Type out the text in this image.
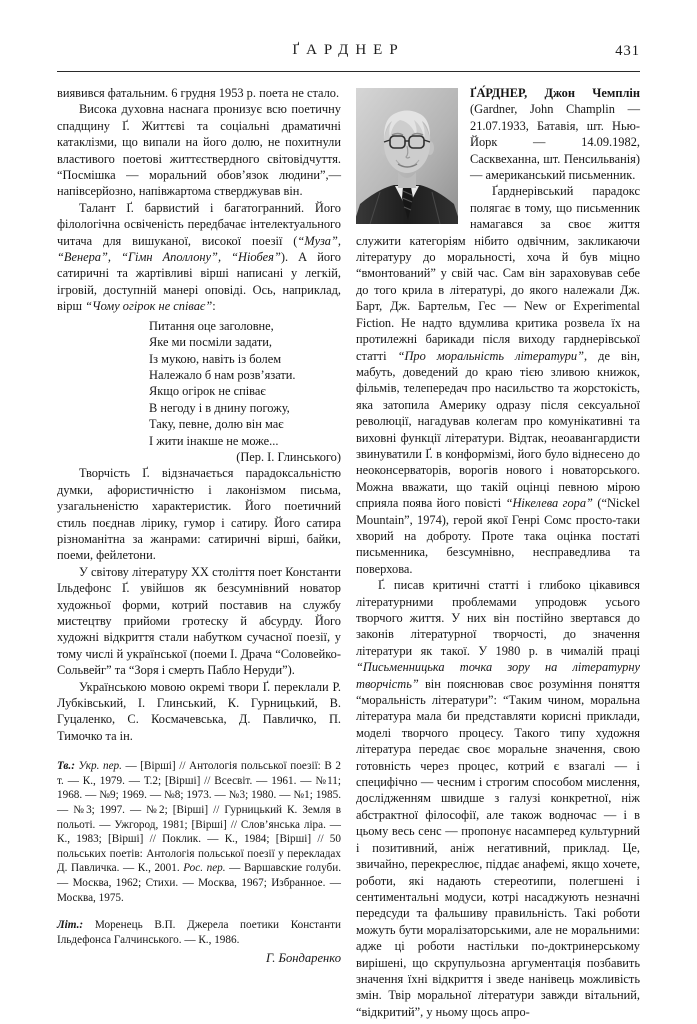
ҐАРДНЕР	431

виявився фатальним. 6 грудня 1953 р. поета не стало.

Висока духовна наснага пронизує всю поетичну спадщину Ґ. Життєві та соціальні драматичні катаклізми, що випали на його долю, не похитнули властивого поетові життєствердного світовідчуття. “Посмішка — моральний обов’язок людини”,— напівсерйозно, напівжартома стверджував він.

Талант Ґ. барвистий і багатогранний. Його філологічна освіченість передбачає інтелектуального читача для вишуканої, високої поезії (“Муза”, “Венера”, “Гімн Аполлону”, “Ніобея”). А його сатиричні та жартівливі вірші написані у легкій, ігровій, доступній манері оповіді. Ось, наприклад, вірш “Чому огірок не співає”:

Питання оце заголовне,
Яке ми посміли задати,
Із мукою, навіть із болем
Належало б нам розв’язати.
Якщо огірок не співає
В негоду і в днину погожу,
Таку, певне, долю він має
І жити інакше не може...

(Пер. І. Глинського)

Творчість Ґ. відзначається парадоксальністю думки, афористичністю і лаконізмом письма, узагальненістю характеристик. Його поетичний стиль поєднав лірику, гумор і сатиру. Його сатира різноманітна за жанрами: сатиричні вірші, байки, поеми, фейлетони.

У світову літературу ХХ століття поет Константи Ільдефонс Ґ. увійшов як безсумнівний новатор художньої форми, котрий поставив на службу мистецтву прийоми гротеску й абсурду. Його художні відкриття стали набутком сучасної поезії, у тому числі й української (поеми І. Драча “Соловейко-Сольвейг” та “Зоря і смерть Пабло Неруди”).

Українською мовою окремі твори Ґ. переклали Р. Лубківський, І. Глинський, К. Гурницький, В. Гуцаленко, С. Космачевська, Д. Павличко, П. Тимочко та ін.

Тв.: Укр. пер. — [Вірші] // Антологія польської поезії: В 2 т. — К., 1979. — Т.2; [Вірші] // Всесвіт. — 1961. — №11; 1968. — №9; 1969. — №8; 1973. — №3; 1980. — №1; 1985. — №3; 1997. — №2; [Вірші] // Гурницький К. Земля в польоті. — Ужгород, 1981; [Вірші] // Слов’янська ліра. — К., 1983; [Вірші] // Поклик. — К., 1984; [Вірші] // 50 польських поетів: Антологія польської поезії у перекладах Д. Павличка. — К., 2001. Рос. пер. — Варшавские голуби. — Москва, 1962; Стихи. — Москва, 1967; Избранное. — Москва, 1975.
Літ.: Моренець В.П. Джерела поетики Константи Ільдефонса Галчинського. — К., 1986.
Г. Бондаренко

ҐА́РДНЕР, Джон Чемплін (Gardner, John Champlin — 21.07.1933, Батавія, шт. Нью-Йорк — 14.09.1982, Сасквеханна, шт. Пенсильванія) — американський письменник.

Ґарднерівський парадокс полягає в тому, що письменник намагався за своє життя служити категоріям нібито одвічним, закликаючи літературу до моральності, хоча й був міцно “вмонтований” у свій час. Сам він зараховував себе до того крила в літературі, до якого належали Дж. Барт, Дж. Бартельм, Гес — New or Experimental Fiction. Не надто вдумлива критика розвела їх на протилежні барикади після виходу гарднерівської статті “Про моральність літератури”, де він, мабуть, доведений до краю тією зливою книжок, фільмів, телепередач про насильство та жорстокість, яка затопила Америку одразу після сексуальної революції, нагадував колегам про комунікативні та виховні функції літератури. Відтак, неоавангардисти звинуватили Ґ. в конформізмі, його було віднесено до неоконсерваторів, ворогів нового і новаторського. Можна вважати, що такій оцінці певною мірою сприяла поява його повісті “Нікелева гора” (“Nickel Mountain”, 1974), герой якої Генрі Сомс просто-таки хворий на доброту. Проте така оцінка постаті письменника, безсумнівно, несправедлива та поверхова.

Ґ. писав критичні статті і глибоко цікавився літературними проблемами упродовж усього творчого життя. У них він постійно звертався до законів літературної творчості, до значення літератури як такої. У 1980 р. в чималій праці “Письменницька точка зору на літературну творчість” він пояснював своє розуміння поняття “моральність літератури”: “Таким чином, моральна література мала би представляти корисні приклади, моделі творчого процесу. Такого типу художня література передає своє моральне значення, свою готовність через процес, котрий є взагалі — і специфічно — чесним і строгим способом мислення, дослідженням швидше з галузі конкретної, ніж абстрактної філософії, але також водночас — і в цьому весь сенс — пропонує насамперед культурний і позитивний, аніж негативний, приклад. Це, звичайно, перекреслює, піддає анафемі, якщо хочете, роботи, які надають стереотипи, полегшені і сентиментальні модуси, котрі насаджують незначні передсуди та фальшиву правильність. Такі роботи можуть бути моралізаторськими, але не моральними: адже ці роботи настільки по-доктринерському вирішені, що скрупульозна аргументація позбавить значення їхні відкриття і зведе нанівець можливість змін. Твір моральної літератури завжди вітальний, “відкритий”, у ньому щось апро-
